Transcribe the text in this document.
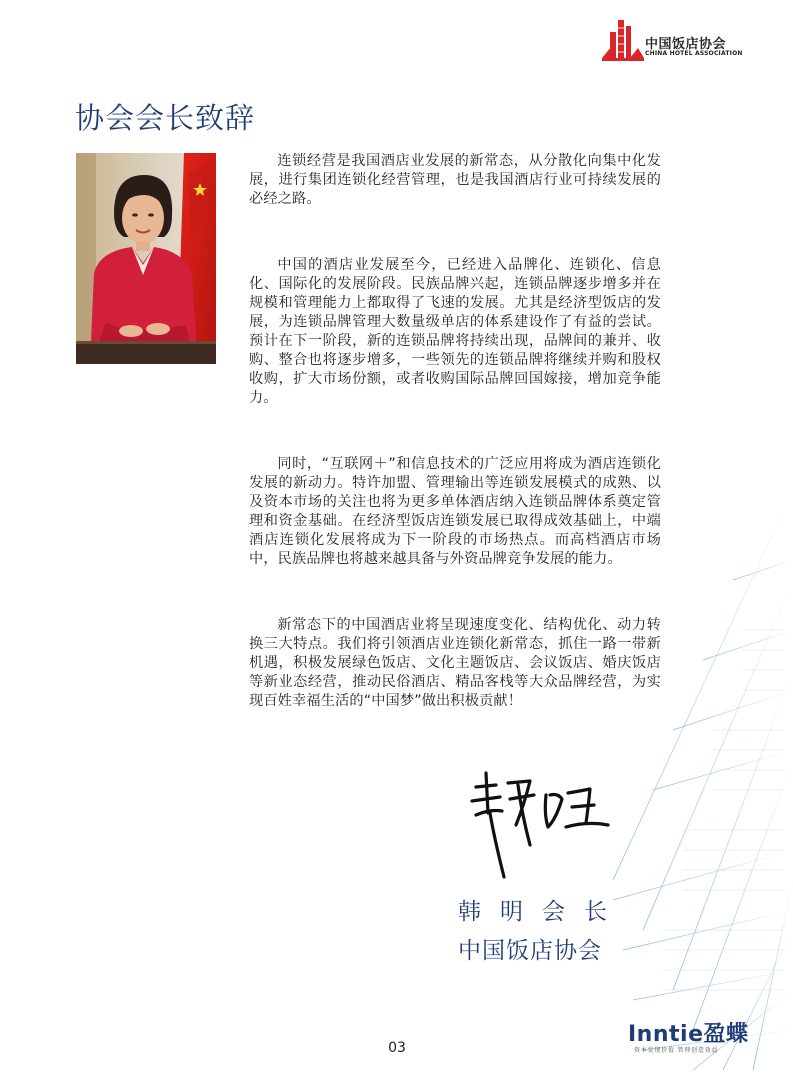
中国饭店协会
CHINA HOTEL ASSOCIATION
协会会长致辞

连锁经营是我国酒店业发展的新常态，从分散化向集中化发展，进行集团连锁化经营管理，也是我国酒店行业可持续发展的必经之路。

中国的酒店业发展至今，已经进入品牌化、连锁化、信息化、国际化的发展阶段。民族品牌兴起，连锁品牌逐步增多并在规模和管理能力上都取得了飞速的发展。尤其是经济型饭店的发展，为连锁品牌管理大数量级单店的体系建设作了有益的尝试。预计在下一阶段，新的连锁品牌将持续出现，品牌间的兼并、收购、整合也将逐步增多，一些领先的连锁品牌将继续并购和股权收购，扩大市场份额，或者收购国际品牌回国嫁接，增加竞争能力。

同时，“互联网＋”和信息技术的广泛应用将成为酒店连锁化发展的新动力。特许加盟、管理输出等连锁发展模式的成熟、以及资本市场的关注也将为更多单体酒店纳入连锁品牌体系奠定管理和资金基础。在经济型饭店连锁发展已取得成效基础上，中端酒店连锁化发展将成为下一阶段的市场热点。而高档酒店市场中，民族品牌也将越来越具备与外资品牌竞争发展的能力。

新常态下的中国酒店业将呈现速度变化、结构优化、动力转换三大特点。我们将引领酒店业连锁化新常态，抓住一路一带新机遇，积极发展绿色饭店、文化主题饭店、会议饭店、婚庆饭店等新业态经营，推动民俗酒店、精品客栈等大众品牌经营，为实现百姓幸福生活的“中国梦”做出积极贡献！

韩明会长
中国饭店协会
03
Inntie盈蝶
资本发现价值 管理创造效益
